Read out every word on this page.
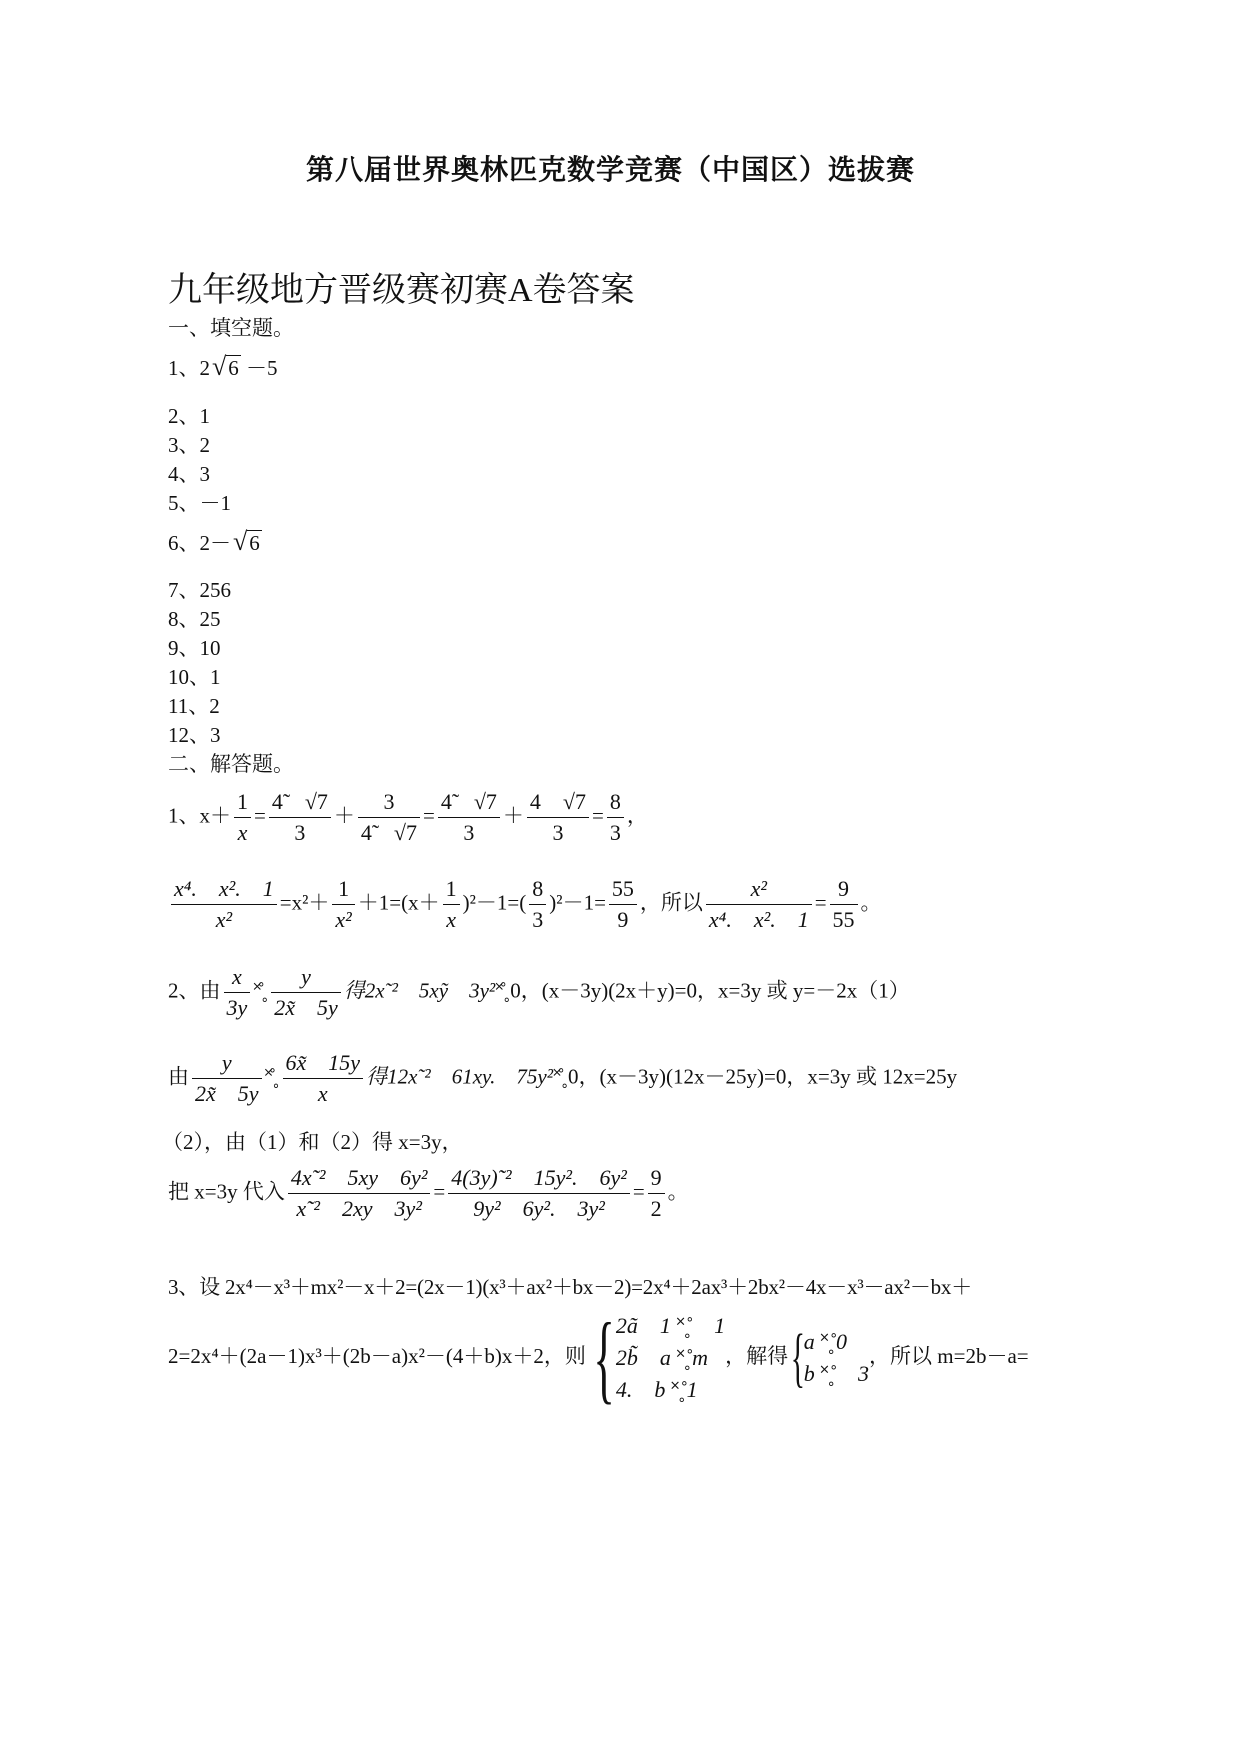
第八届世界奥林匹克数学竞赛（中国区）选拔赛
九年级地方晋级赛初赛A卷答案
一、填空题。
1、2√6 －5
2、1
3、2
4、3
5、－1
6、2－√6
7、256
8、25
9、10
10、1
11、2
12、3
二、解答题。
1、$x+ \frac{1}{x} = \frac{4̃ √7}{3} + \frac{3}{4̃ √7} = \frac{4̃ √7}{3} + \frac{4 √7}{3} = \frac{8}{3}$ ，
$\frac{\text{x⁴.　x².　1}}{\text{x²}} =x^2+ \frac{1}{\text{x²}} +1=(x+ \frac{1}{x} )^2-1=( \frac{8}{3} )^2-1= \frac{55}{9}$ ，所以 $\frac{\text{x²}}{\text{x⁴.　x².　1}} = \frac{9}{55}$ 。
2、由 $\frac{x}{3y}$ ˟̊˳ $\frac{y}{2x̃ 5y}$ 得2x˜²　5xỹ　3y²˟̊˳0，(x－3y)(2x＋y)=0，x=3y 或 y=－2x（1）
由 $\frac{y}{2x̃ 5y}$ ˟̊˳ $\frac{6x̃ 15y}{x}$ 得12x˜²　61xy.　75y²˟̊˳0，(x－3y)(12x－25y)=0，x=3y 或 12x=25y
（2），由（1）和（2）得 x=3y，
把 x=3y 代入 $\frac{\text{4x˜²　5xy　6y²}}{\text{x˜²　2xy　3y²}} = \frac{\text{4(3y)˜²　15y².　6y²}}{\text{9y²　6y².　3y²}} = \frac{9}{2}$ 。
3、设 2x⁴－x³＋mx²－x＋2=(2x－1)(x³＋ax²＋bx－2)=2x⁴＋2ax³＋2bx²－4x－x³－ax²－bx＋
2=2x⁴＋(2a－1)x³＋(2b－a)x²－(4＋b)x＋2，则{ 2ã　1 ˟̊˳　1
2b̃　a ˟̊˳m
4.　b ˟̊˳1
，解得{
a ˟̊˳0
b ˟̊˳　3
，所以 m=2b－a=
